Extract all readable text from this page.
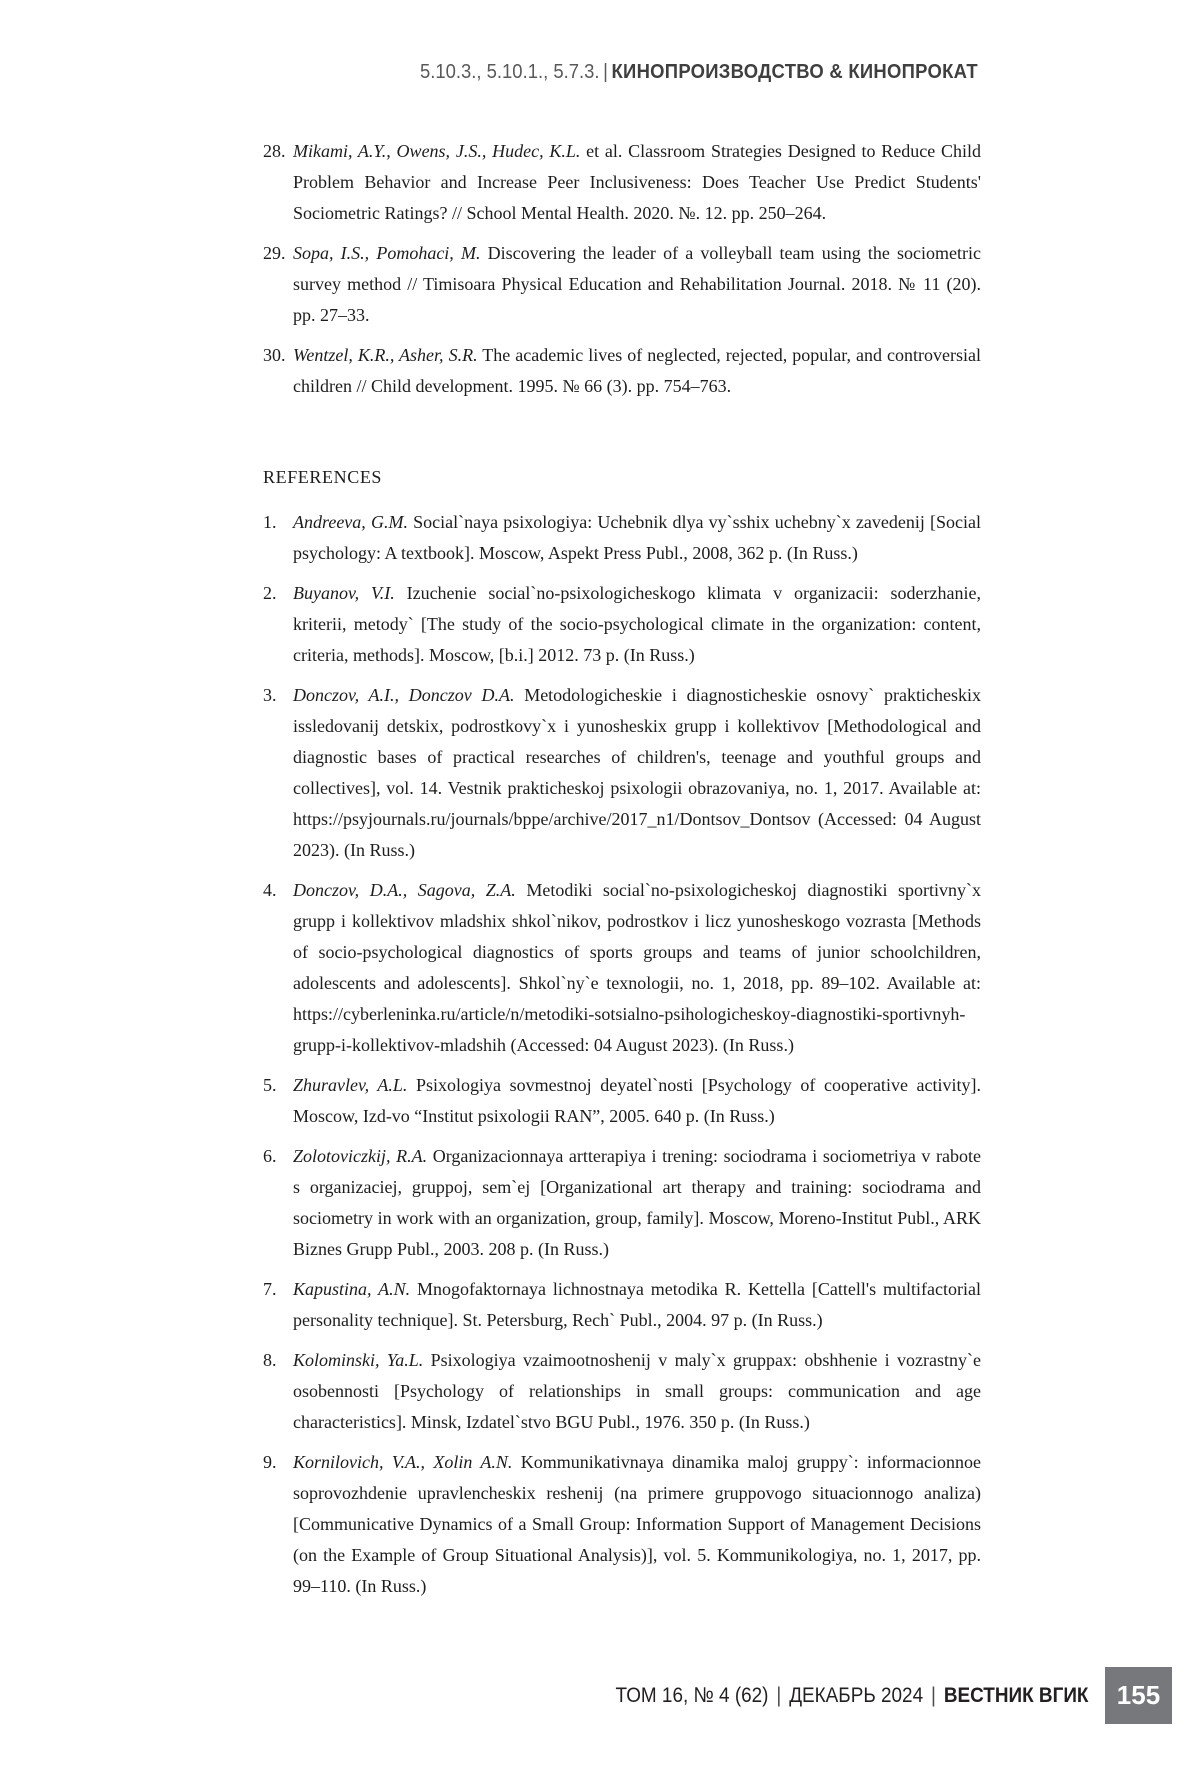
5.10.3., 5.10.1., 5.7.3. | КИНОПРОИЗВОДСТВО & КИНОПРОКАТ
28. Mikami, A.Y., Owens, J.S., Hudec, K.L. et al. Classroom Strategies Designed to Reduce Child Problem Behavior and Increase Peer Inclusiveness: Does Teacher Use Predict Students' Sociometric Ratings? // School Mental Health. 2020. №. 12. pp. 250–264.
29. Sopa, I.S., Pomohaci, M. Discovering the leader of a volleyball team using the sociometric survey method // Timisoara Physical Education and Rehabilitation Journal. 2018. № 11 (20). pp. 27–33.
30. Wentzel, K.R., Asher, S.R. The academic lives of neglected, rejected, popular, and controversial children // Child development. 1995. № 66 (3). pp. 754–763.
REFERENCES
1. Andreeva, G.M. Social`naya psixologiya: Uchebnik dlya vy`sshix uchebny`x zavedenij [Social psychology: A textbook]. Moscow, Aspekt Press Publ., 2008, 362 p. (In Russ.)
2. Buyanov, V.I. Izuchenie social`no-psixologicheskogo klimata v organizacii: soderzhanie, kriterii, metody` [The study of the socio-psychological climate in the organization: content, criteria, methods]. Moscow, [b.i.] 2012. 73 p. (In Russ.)
3. Donczov, A.I., Donczov D.A. Metodologicheskie i diagnosticheskie osnovy` prakticheskix issledovanij detskix, podrostkovy`x i yunosheskix grupp i kollektivov [Methodological and diagnostic bases of practical researches of children's, teenage and youthful groups and collectives], vol. 14. Vestnik prakticheskoj psixologii obrazovaniya, no. 1, 2017. Available at: https://psyjournals.ru/journals/bppe/archive/2017_n1/Dontsov_Dontsov (Accessed: 04 August 2023). (In Russ.)
4. Donczov, D.A., Sagova, Z.A. Metodiki social`no-psixologicheskoj diagnostiki sportivny`x grupp i kollektivov mladshix shkol`nikov, podrostkov i licz yunosheskogo vozrasta [Methods of socio-psychological diagnostics of sports groups and teams of junior schoolchildren, adolescents and adolescents]. Shkol`ny`e texnologii, no. 1, 2018, pp. 89–102. Available at: https://cyberleninka.ru/article/n/metodiki-sotsialno-psihologicheskoy-diagnostiki-sportivnyh-grupp-i-kollektivov-mladshih (Accessed: 04 August 2023). (In Russ.)
5. Zhuravlev, A.L. Psixologiya sovmestnoj deyatel`nosti [Psychology of cooperative activity]. Moscow, Izd-vo “Institut psixologii RAN”, 2005. 640 p. (In Russ.)
6. Zolotoviczkij, R.A. Organizacionnaya artterapiya i trening: sociodrama i sociometriya v rabote s organizaciej, gruppoj, sem`ej [Organizational art therapy and training: sociodrama and sociometry in work with an organization, group, family]. Moscow, Moreno-Institut Publ., ARK Biznes Grupp Publ., 2003. 208 p. (In Russ.)
7. Kapustina, A.N. Mnogofaktornaya lichnostnaya metodika R. Kettella [Cattell's multifactorial personality technique]. St. Petersburg, Rech` Publ., 2004. 97 p. (In Russ.)
8. Kolominski, Ya.L. Psixologiya vzaimootnoshenij v maly`x gruppax: obshhenie i vozrastny`e osobennosti [Psychology of relationships in small groups: communication and age characteristics]. Minsk, Izdatel`stvo BGU Publ., 1976. 350 p. (In Russ.)
9. Kornilovich, V.A., Xolin A.N. Kommunikativnaya dinamika maloj gruppy`: informacionnoe soprovozhdenie upravlencheskix reshenij (na primere gruppovogo situacionnogo analiza) [Communicative Dynamics of a Small Group: Information Support of Management Decisions (on the Example of Group Situational Analysis)], vol. 5. Kommunikologiya, no. 1, 2017, pp. 99–110. (In Russ.)
ТОМ 16, № 4 (62) | ДЕКАБРЬ 2024 | ВЕСТНИК ВГИК	155
